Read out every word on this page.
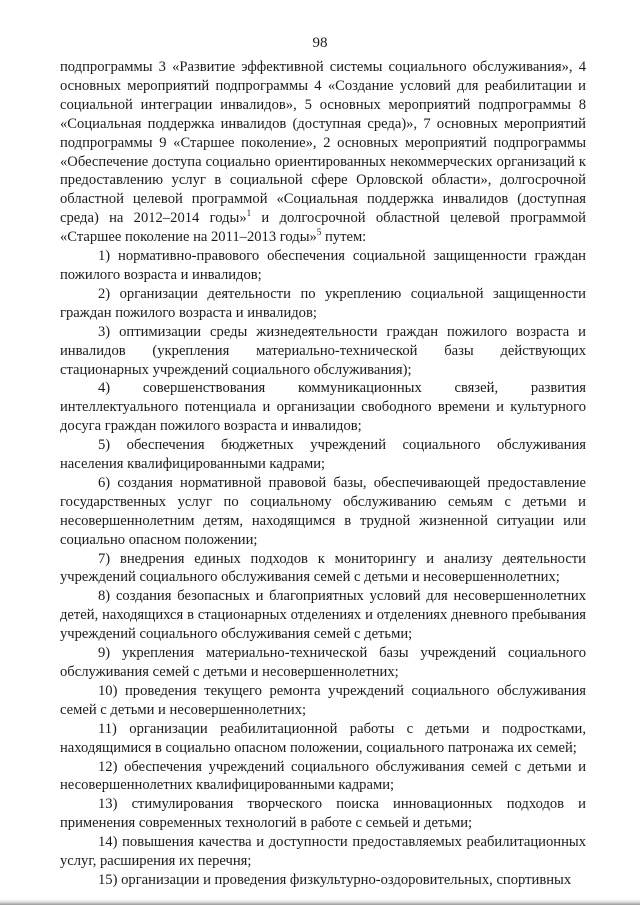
98

подпрограммы 3 «Развитие эффективной системы социального обслуживания», 4 основных мероприятий подпрограммы 4 «Создание условий для реабилитации и социальной интеграции инвалидов», 5 основных мероприятий подпрограммы 8 «Социальная поддержка инвалидов (доступная среда)», 7 основных мероприятий подпрограммы 9 «Старшее поколение», 2 основных мероприятий подпрограммы «Обеспечение доступа социально ориентированных некоммерческих организаций к предоставлению услуг в социальной сфере Орловской области», долгосрочной областной целевой программой «Социальная поддержка инвалидов (доступная среда) на 2012–2014 годы»$^1$ и долгосрочной областной целевой программой «Старшее поколение на 2011–2013 годы»$^5$ путем:

1) нормативно-правового обеспечения социальной защищенности граждан пожилого возраста и инвалидов;

2) организации деятельности по укреплению социальной защищенности граждан пожилого возраста и инвалидов;

3) оптимизации среды жизнедеятельности граждан пожилого возраста и инвалидов (укрепления материально-технической базы действующих стационарных учреждений социального обслуживания);

4) совершенствования коммуникационных связей, развития интеллектуального потенциала и организации свободного времени и культурного досуга граждан пожилого возраста и инвалидов;

5) обеспечения бюджетных учреждений социального обслуживания населения квалифицированными кадрами;

6) создания нормативной правовой базы, обеспечивающей предоставление государственных услуг по социальному обслуживанию семьям с детьми и несовершеннолетним детям, находящимся в трудной жизненной ситуации или социально опасном положении;

7) внедрения единых подходов к мониторингу и анализу деятельности учреждений социального обслуживания семей с детьми и несовершеннолетних;

8) создания безопасных и благоприятных условий для несовершеннолетних детей, находящихся в стационарных отделениях и отделениях дневного пребывания учреждений социального обслуживания семей с детьми;

9) укрепления материально-технической базы учреждений социального обслуживания семей с детьми и несовершеннолетних;

10) проведения текущего ремонта учреждений социального обслуживания семей с детьми и несовершеннолетних;

11) организации реабилитационной работы с детьми и подростками, находящимися в социально опасном положении, социального патронажа их семей;

12) обеспечения учреждений социального обслуживания семей с детьми и несовершеннолетних квалифицированными кадрами;

13) стимулирования творческого поиска инновационных подходов и применения современных технологий в работе с семьей и детьми;

14) повышения качества и доступности предоставляемых реабилитационных услуг, расширения их перечня;

15) организации и проведения физкультурно-оздоровительных, спортивных
